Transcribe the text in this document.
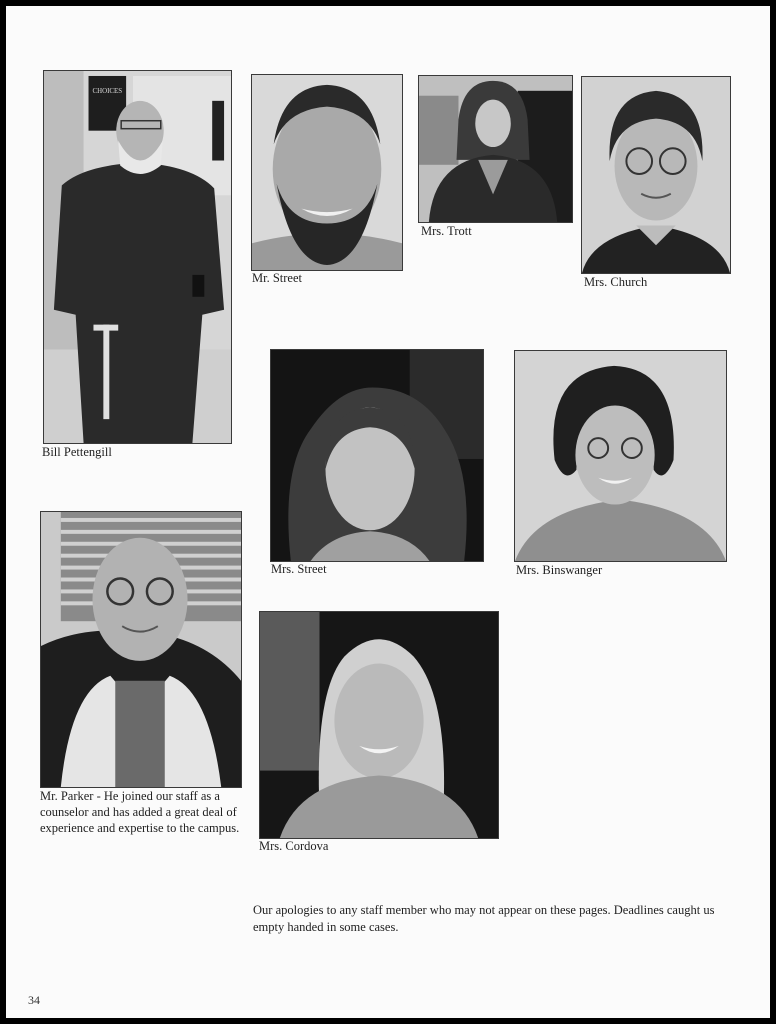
CHOICES
Bill Pettengill
Mr. Street
Mrs. Trott
Mrs. Church
Mrs. Street	Mrs. Binswanger
Mr. Parker - He joined our staff as a counselor and has added a great deal of experience and expertise to the campus.
Mrs. Cordova
Our apologies to any staff member who may not appear on these pages. Deadlines caught us empty handed in some cases.
34
